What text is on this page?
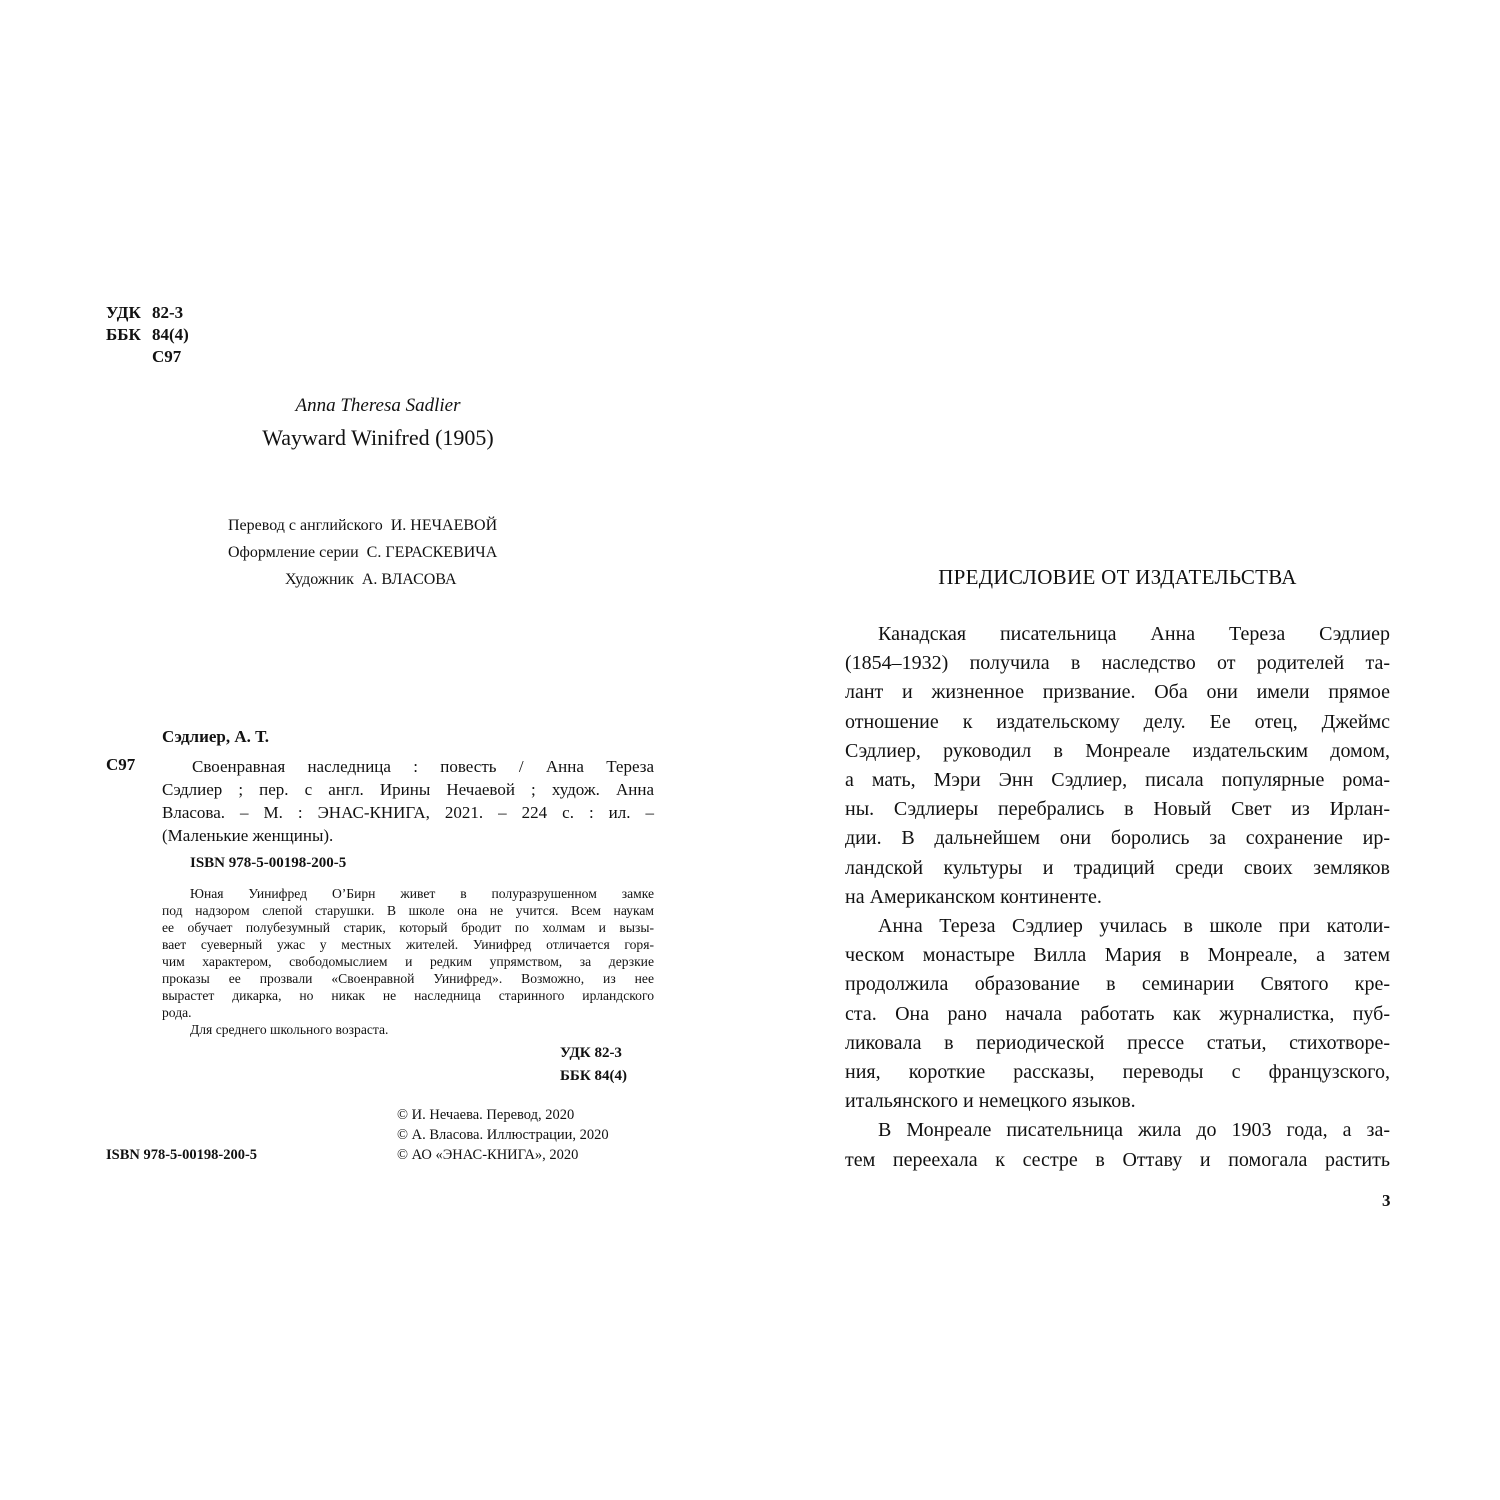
УДК 82-3
ББК 84(4)
С97
Anna Theresa Sadlier
Wayward Winifred (1905)
Перевод с английского  И. НЕЧАЕВОЙ
Оформление серии  С. ГЕРАСКЕВИЧА
Художник  А. ВЛАСОВА
Сэдлиер, А. Т.
С97	Своенравная наследница : повесть / Анна Тереза
Сэдлиер ; пер. с англ. Ирины Нечаевой ; худож. Анна
Власова. – М. : ЭНАС-КНИГА, 2021. – 224 с. : ил. –
(Маленькие женщины).
ISBN 978-5-00198-200-5
Юная Уинифред О’Бирн живет в полуразрушенном замке
под надзором слепой старушки. В школе она не учится. Всем наукам
ее обучает полубезумный старик, который бродит по холмам и вызы-
вает суеверный ужас у местных жителей. Уинифред отличается горя-
чим характером, свободомыслием и редким упрямством, за дерзкие
проказы ее прозвали «Своенравной Уинифред». Возможно, из нее
вырастет дикарка, но никак не наследница старинного ирландского
рода.
Для среднего школьного возраста.
УДК 82-3
ББК 84(4)
© И. Нечаева. Перевод, 2020
© А. Власова. Иллюстрации, 2020
© АО «ЭНАС-КНИГА», 2020
ISBN 978-5-00198-200-5
ПРЕДИСЛОВИЕ ОТ ИЗДАТЕЛЬСТВА
Канадская писательница Анна Тереза Сэдлиер
(1854–1932) получила в наследство от родителей та-
лант и жизненное призвание. Оба они имели прямое
отношение к издательскому делу. Ее отец, Джеймс
Сэдлиер, руководил в Монреале издательским домом,
а мать, Мэри Энн Сэдлиер, писала популярные рома-
ны. Сэдлиеры перебрались в Новый Свет из Ирлан-
дии. В дальнейшем они боролись за сохранение ир-
ландской культуры и традиций среди своих земляков
на Американском континенте.
Анна Тереза Сэдлиер училась в школе при католи-
ческом монастыре Вилла Мария в Монреале, а затем
продолжила образование в семинарии Святого кре-
ста. Она рано начала работать как журналистка, пуб-
ликовала в периодической прессе статьи, стихотворе-
ния, короткие рассказы, переводы с французского,
итальянского и немецкого языков.
В Монреале писательница жила до 1903 года, а за-
тем переехала к сестре в Оттаву и помогала растить
3
